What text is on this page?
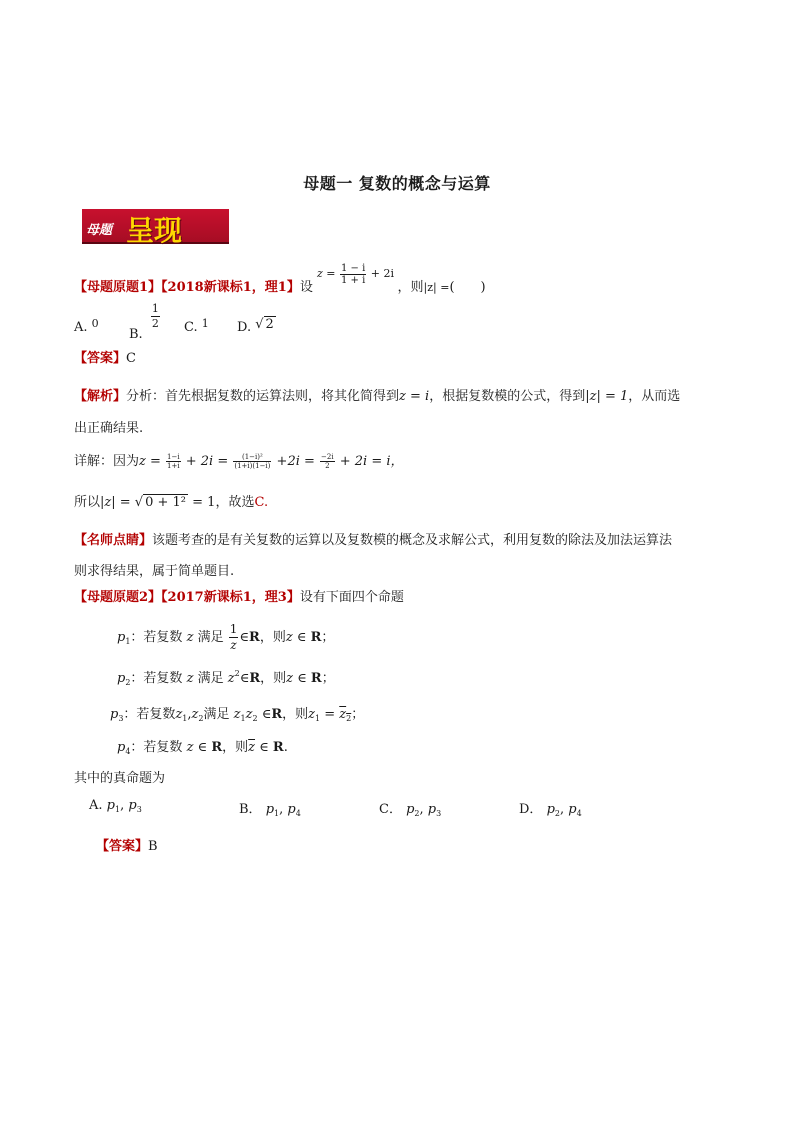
母题一 复数的概念与运算
母题 呈现
【母题原题1】【2018新课标1，理1】设 $^{z = \frac{1 - i}{1 + i} + 2i}$ ，则|z| =(　　)
A. $^0$
B.
$\frac{1}{2} C$. $^1$ D. √ 2
【答案】C
【解析】分析：首先根据复数的运算法则，将其化简得到z = i，根据复数模的公式，得到|z| = 1，从而选
出正确结果.
详解：因为$z = \frac{1-i}{1+i} + 2i = \frac{\text{(1−i)²}}{(1+i)(1-i)} +2i = \frac{-2i}{2} + 2i = i$，
所以|z| = √ 0 + 1² = 1，故选C.
【名师点睛】该题考查的是有关复数的运算以及复数模的概念及求解公式，利用复数的除法及加法运算法
则求得结果，属于简单题目.
【母题原题2】【2017新课标1，理3】设有下面四个命题
$p_1$：若复数 z 满足 $\frac{1}{z}$ ∈R，则z ∈ R；
$p_2$：若复数 z 满足 $z^2\in R$，则z ∈ R；
$p_3$：若复数$z_1,z_2$满足 $z_1z_2$ ∈R，则$z_1 = z_2$；
$p_4$：若复数 z ∈ R，则$\overline{z}$ ∈ R.
其中的真命题为
A. $p_1$, $p_3$	B． $p_1$, $p_4$	C． $p_2$, $p_3$	D． $p_2$, $p_4$
【答案】B
